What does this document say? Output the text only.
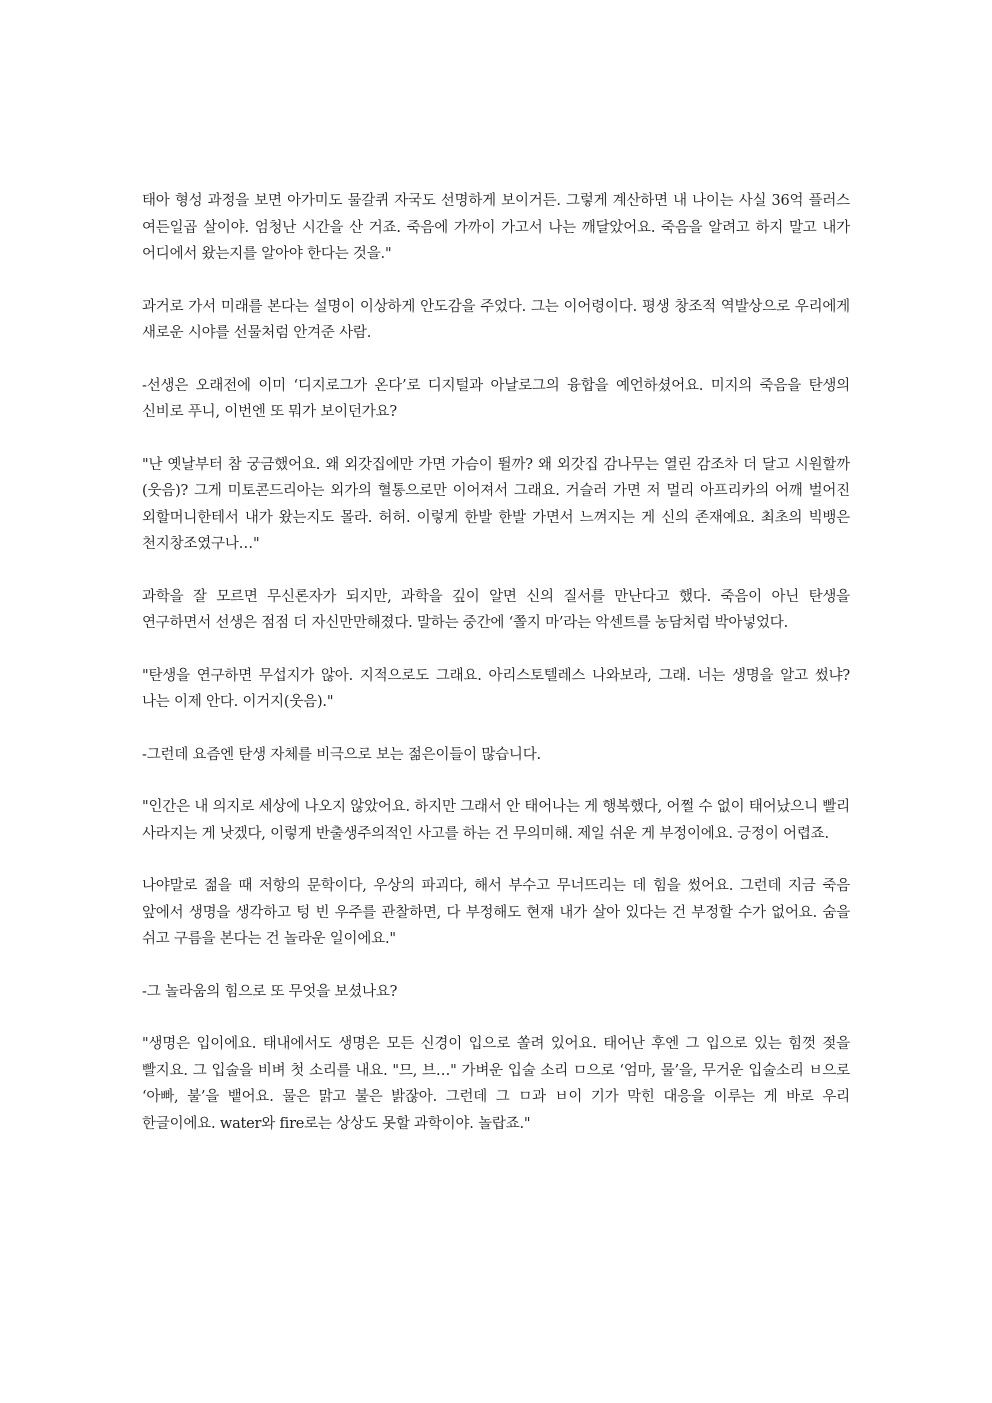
태아 형성 과정을 보면 아가미도 물갈퀴 자국도 선명하게 보이거든. 그렇게 계산하면 내 나이는 사실 36억 플러스 여든일곱 살이야. 엄청난 시간을 산 거죠. 죽음에 가까이 가고서 나는 깨달았어요. 죽음을 알려고 하지 말고 내가 어디에서 왔는지를 알아야 한다는 것을."

과거로 가서 미래를 본다는 설명이 이상하게 안도감을 주었다. 그는 이어령이다. 평생 창조적 역발상으로 우리에게 새로운 시야를 선물처럼 안겨준 사람.

-선생은 오래전에 이미 ‘디지로그가 온다’로 디지털과 아날로그의 융합을 예언하셨어요. 미지의 죽음을 탄생의 신비로 푸니, 이번엔 또 뭐가 보이던가요?

"난 옛날부터 참 궁금했어요. 왜 외갓집에만 가면 가슴이 뛸까? 왜 외갓집 감나무는 열린 감조차 더 달고 시원할까(웃음)? 그게 미토콘드리아는 외가의 혈통으로만 이어져서 그래요. 거슬러 가면 저 멀리 아프리카의 어깨 벌어진 외할머니한테서 내가 왔는지도 몰라. 허허. 이렇게 한발 한발 가면서 느껴지는 게 신의 존재예요. 최초의 빅뱅은 천지창조였구나…"

과학을 잘 모르면 무신론자가 되지만, 과학을 깊이 알면 신의 질서를 만난다고 했다. 죽음이 아닌 탄생을 연구하면서 선생은 점점 더 자신만만해졌다. 말하는 중간에 ‘쫄지 마’라는 악센트를 농담처럼 박아넣었다.

"탄생을 연구하면 무섭지가 않아. 지적으로도 그래요. 아리스토텔레스 나와보라, 그래. 너는 생명을 알고 썼냐? 나는 이제 안다. 이거지(웃음)."

-그런데 요즘엔 탄생 자체를 비극으로 보는 젊은이들이 많습니다.

"인간은 내 의지로 세상에 나오지 않았어요. 하지만 그래서 안 태어나는 게 행복했다, 어쩔 수 없이 태어났으니 빨리 사라지는 게 낫겠다, 이렇게 반출생주의적인 사고를 하는 건 무의미해. 제일 쉬운 게 부정이에요. 긍정이 어렵죠.

나야말로 젊을 때 저항의 문학이다, 우상의 파괴다, 해서 부수고 무너뜨리는 데 힘을 썼어요. 그런데 지금 죽음 앞에서 생명을 생각하고 텅 빈 우주를 관찰하면, 다 부정해도 현재 내가 살아 있다는 건 부정할 수가 없어요. 숨을 쉬고 구름을 본다는 건 놀라운 일이에요."

-그 놀라움의 힘으로 또 무엇을 보셨나요?

"생명은 입이에요. 태내에서도 생명은 모든 신경이 입으로 쏠려 있어요. 태어난 후엔 그 입으로 있는 힘껏 젖을 빨지요. 그 입술을 비벼 첫 소리를 내요. "므, 브…" 가벼운 입술 소리 ㅁ으로 ‘엄마, 물’을, 무거운 입술소리 ㅂ으로 ‘아빠, 불’을 뱉어요. 물은 맑고 불은 밝잖아. 그런데 그 ㅁ과 ㅂ이 기가 막힌 대응을 이루는 게 바로 우리 한글이에요. water와 fire로는 상상도 못할 과학이야. 놀랍죠."
